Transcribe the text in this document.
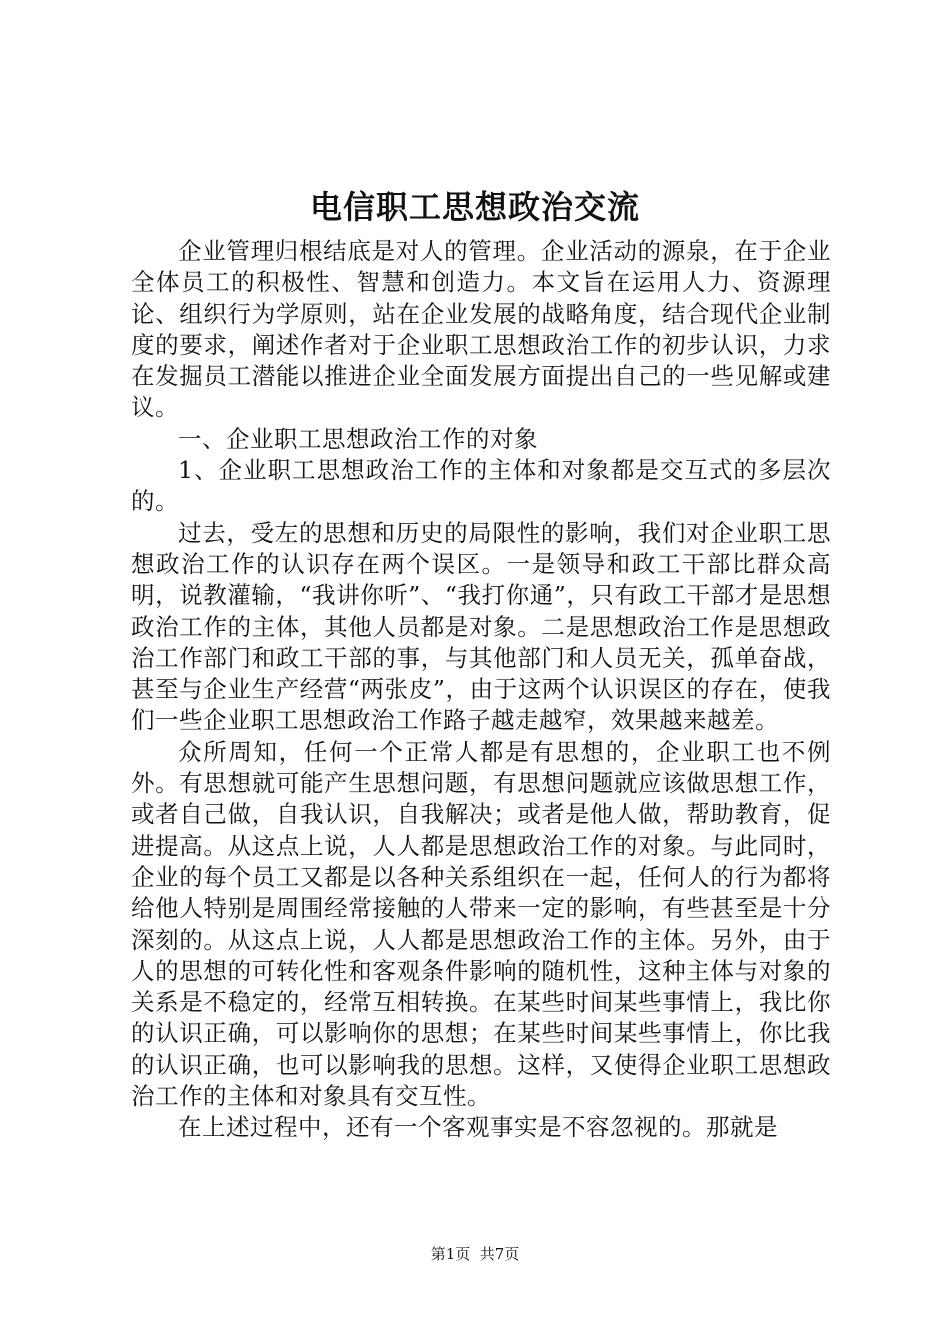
电信职工思想政治交流

企业管理归根结底是对人的管理。企业活动的源泉，在于企业全体员工的积极性、智慧和创造力。本文旨在运用人力、资源理论、组织行为学原则，站在企业发展的战略角度，结合现代企业制度的要求，阐述作者对于企业职工思想政治工作的初步认识，力求在发掘员工潜能以推进企业全面发展方面提出自己的一些见解或建议。

一、企业职工思想政治工作的对象

1、企业职工思想政治工作的主体和对象都是交互式的多层次的。

过去，受左的思想和历史的局限性的影响，我们对企业职工思想政治工作的认识存在两个误区。一是领导和政工干部比群众高明，说教灌输，“我讲你听”、“我打你通”，只有政工干部才是思想政治工作的主体，其他人员都是对象。二是思想政治工作是思想政治工作部门和政工干部的事，与其他部门和人员无关，孤单奋战，甚至与企业生产经营“两张皮”，由于这两个认识误区的存在，使我们一些企业职工思想政治工作路子越走越窄，效果越来越差。

众所周知，任何一个正常人都是有思想的，企业职工也不例外。有思想就可能产生思想问题，有思想问题就应该做思想工作，或者自己做，自我认识，自我解决；或者是他人做，帮助教育，促进提高。从这点上说，人人都是思想政治工作的对象。与此同时，企业的每个员工又都是以各种关系组织在一起，任何人的行为都将给他人特别是周围经常接触的人带来一定的影响，有些甚至是十分深刻的。从这点上说，人人都是思想政治工作的主体。另外，由于人的思想的可转化性和客观条件影响的随机性，这种主体与对象的关系是不稳定的，经常互相转换。在某些时间某些事情上，我比你的认识正确，可以影响你的思想；在某些时间某些事情上，你比我的认识正确，也可以影响我的思想。这样，又使得企业职工思想政治工作的主体和对象具有交互性。

在上述过程中，还有一个客观事实是不容忽视的。那就是

第1页  共7页
